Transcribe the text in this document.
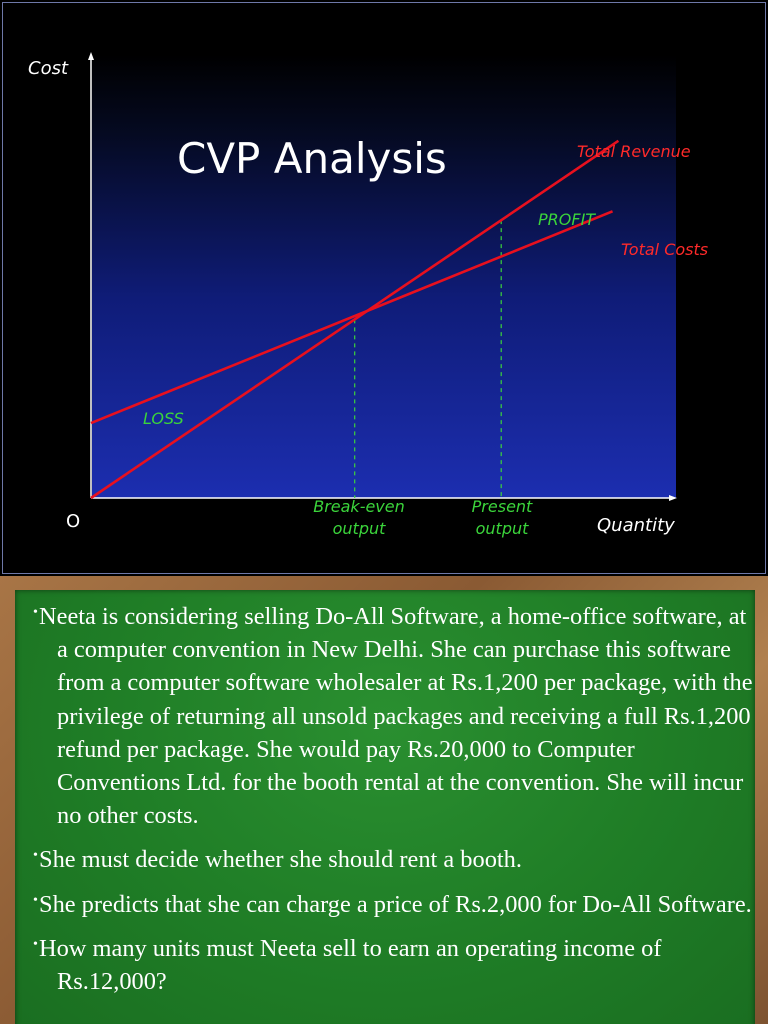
Cost
O	Quantity
CVP Analysis	Total Revenue
Total Costs
PROFIT
LOSS
Break-even
output
Present
output
•Neeta is considering selling Do-All Software, a home-office software, at a computer convention in New Delhi. She can purchase this software from a computer software wholesaler at Rs.1,200 per package, with the privilege of returning all unsold packages and receiving a full Rs.1,200 refund per package. She would pay Rs.20,000 to Computer Conventions Ltd. for the booth rental at the convention. She will incur no other costs.
•She must decide whether she should rent a booth.
•She predicts that she can charge a price of Rs.2,000 for Do-All Software.
•How many units must Neeta sell to earn an operating income of Rs.12,000?
